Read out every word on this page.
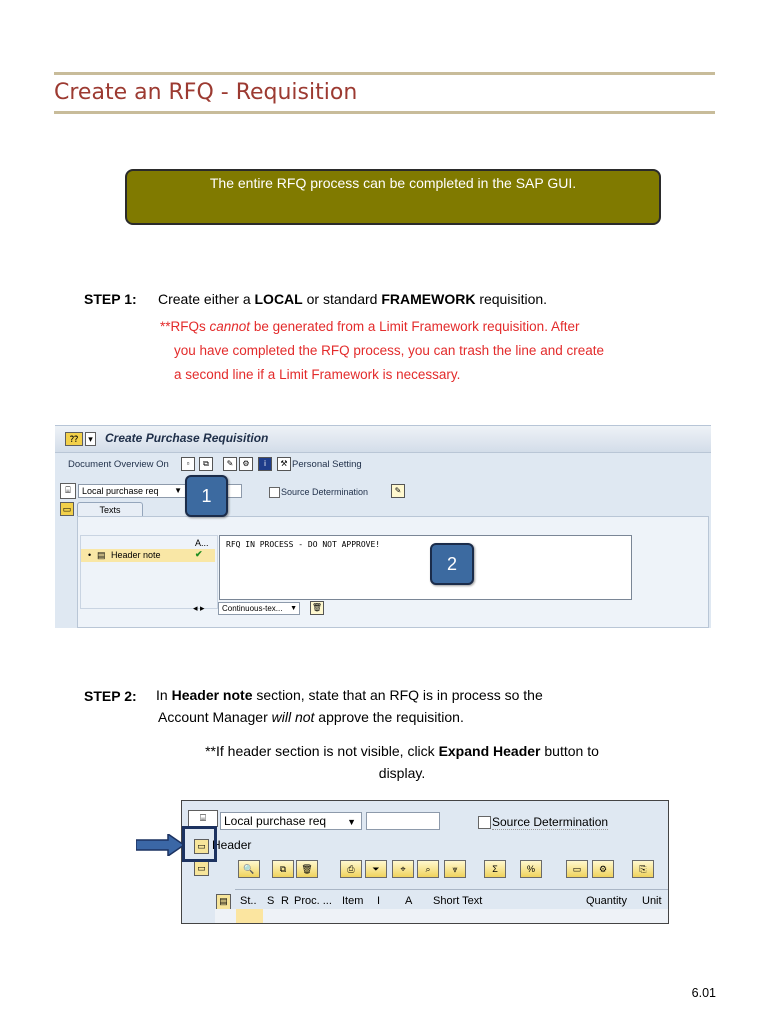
Create an RFQ - Requisition
The entire RFQ process can be completed in the SAP GUI.
STEP 1: Create either a LOCAL or standard FRAMEWORK requisition.
**RFQs cannot be generated from a Limit Framework requisition. After
you have completed the RFQ process, you can trash the line and create
a second line if a Limit Framework is necessary.
⁇	▾ Create Purchase Requisition
Document Overview On	▫	⧉	✎	⚙	i	⚒ Personal Setting
⌸	Local purchase req ▼	Source Determination	✎
▭	Texts
A...
• ▤ Header note	✔
RFQ IN PROCESS - DO NOT APPROVE!
◂ ▸	Continuous-tex... ▼ 🗑
1
2
STEP 2: In Header note section, state that an RFQ is in process so the
Account Manager will not approve the requisition.
**If header section is not visible, click Expand Header button to
display.
⌸	Local purchase req ▼	Source Determination
▭ Header
▭	🔍	⧉	🗑	⎙	⏷	⌖	⌕	⩔	Σ	%	▭	⚙	⎘
▤ St.. S R Proc. ... Item I A Short Text	Quantity Unit
6.01
